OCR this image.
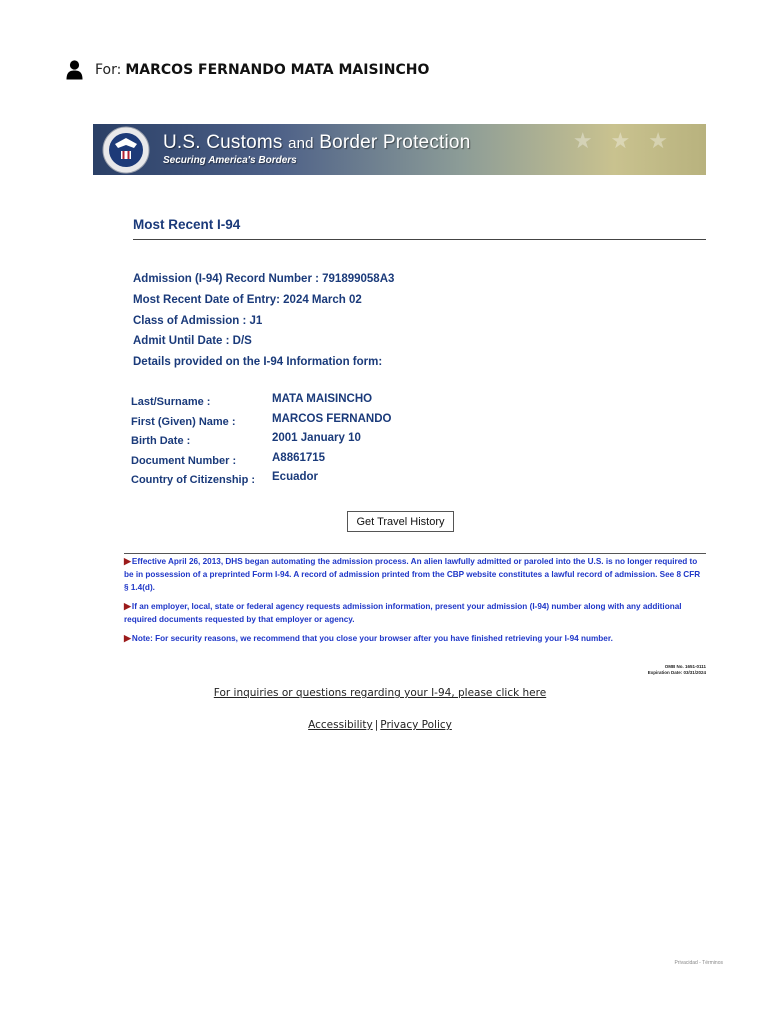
For: MARCOS FERNANDO MATA MAISINCHO
U.S. Customs and Border Protection
Securing America's Borders
★★★
Most Recent I-94
Admission (I-94) Record Number : 791899058A3
Most Recent Date of Entry: 2024 March 02
Class of Admission : J1
Admit Until Date : D/S
Details provided on the I-94 Information form:
Last/Surname :	MATA MAISINCHO
First (Given) Name :	MARCOS FERNANDO
Birth Date :	2001 January 10
Document Number :	A8861715
Country of Citizenship :	Ecuador
Get Travel History
▶Effective April 26, 2013, DHS began automating the admission process. An alien lawfully admitted or paroled into the U.S. is no longer required to be in possession of a preprinted Form I-94. A record of admission printed from the CBP website constitutes a lawful record of admission. See 8 CFR § 1.4(d).
▶If an employer, local, state or federal agency requests admission information, present your admission (I-94) number along with any additional required documents requested by that employer or agency.
▶Note: For security reasons, we recommend that you close your browser after you have finished retrieving your I-94 number.
OMB No. 1651-0111
Expiration Date: 03/31/2024
For inquiries or questions regarding your I-94, please click here
Accessibility | Privacy Policy
Privacidad - Términos
